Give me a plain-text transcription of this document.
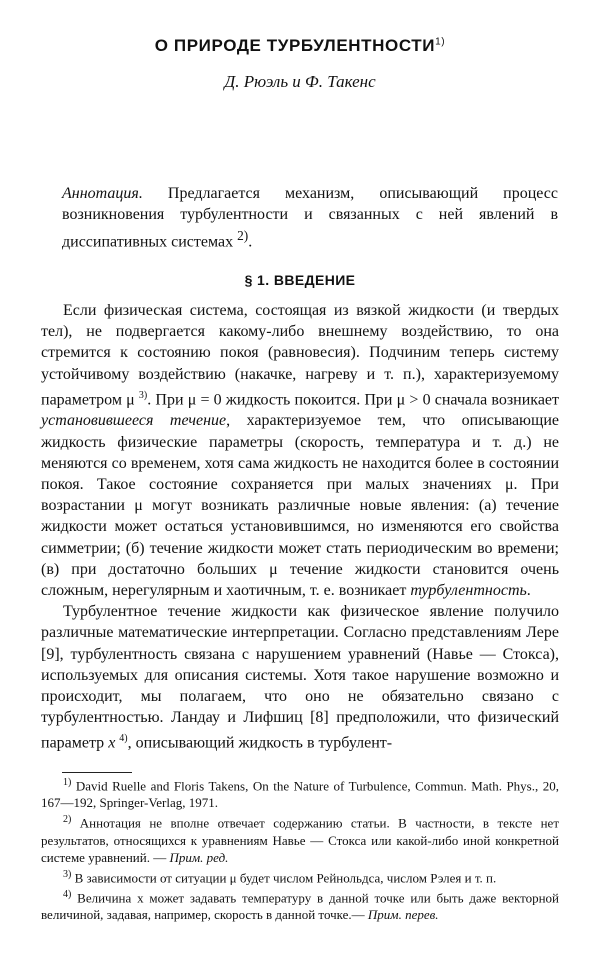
О ПРИРОДЕ ТУРБУЛЕНТНОСТИ$^{1)}$
Д. Рюэль и Ф. Такенс
Аннотация. Предлагается механизм, описывающий процесс возникновения турбулентности и связанных с ней явлений в диссипативных системах $^{2)}$.
§ 1. ВВЕДЕНИЕ

Если физическая система, состоящая из вязкой жидкости (и твердых тел), не подвергается какому-либо внешнему воздействию, то она стремится к состоянию покоя (равновесия). Подчиним теперь систему устойчивому воздействию (накачке, нагреву и т. п.), характеризуемому параметром μ $^{3)}$. При μ = 0 жидкость покоится. При μ > 0 сначала возникает установившееся течение, характеризуемое тем, что описывающие жидкость физические параметры (скорость, температура и т. д.) не меняются со временем, хотя сама жидкость не находится более в состоянии покоя. Такое состояние сохраняется при малых значениях μ. При возрастании μ могут возникать различные новые явления: (а) течение жидкости может остаться установившимся, но изменяются его свойства симметрии; (б) течение жидкости может стать периодическим во времени; (в) при достаточно больших μ течение жидкости становится очень сложным, нерегулярным и хаотичным, т. е. возникает турбулентность.

Турбулентное течение жидкости как физическое явление получило различные математические интерпретации. Согласно представлениям Лере [9], турбулентность связана с нарушением уравнений (Навье — Стокса), используемых для описания системы. Хотя такое нарушение возможно и происходит, мы полагаем, что оно не обязательно связано с турбулентностью. Ландау и Лифшиц [8] предположили, что физический параметр x $^{4)}$, описывающий жидкость в турбулент-

$^{1)}$ David Ruelle and Floris Takens, On the Nature of Turbulence, Commun. Math. Phys., 20, 167—192, Springer-Verlag, 1971.

$^{2)}$ Аннотация не вполне отвечает содержанию статьи. В частности, в тексте нет результатов, относящихся к уравнениям Навье — Стокса или какой-либо иной конкретной системе уравнений. — Прим. ред.

$^{3)}$ В зависимости от ситуации μ будет числом Рейнольдса, числом Рэлея и т. п.

$^{4)}$ Величина x может задавать температуру в данной точке или быть даже векторной величиной, задавая, например, скорость в данной точке.— Прим. перев.
